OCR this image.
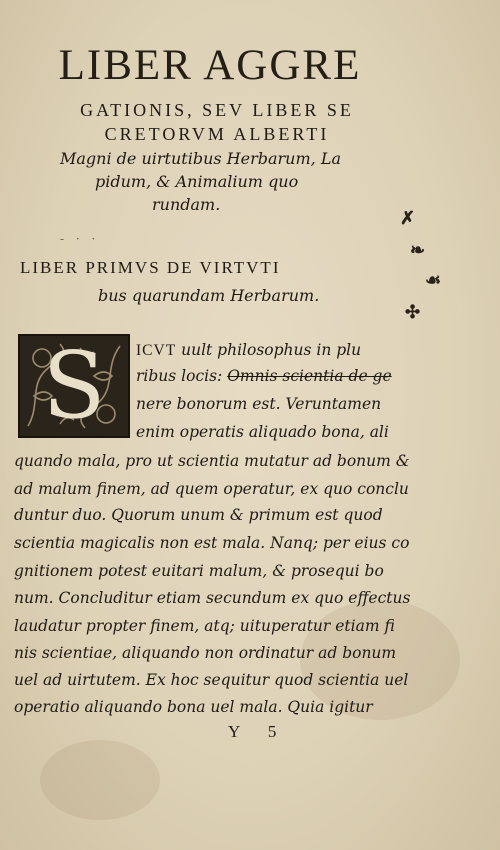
LIBER AGGRE
GATIONIS, SEV LIBER SE
CRETORVM ALBERTI
Magni de uirtutibus Herbarum, La
pidum, & Animalium quo
rundam.
- · ·
LIBER PRIMVS DE VIRTVTI
bus quarundam Herbarum.
S	ICVT uult philosophus in plu
ribus locis: Omnis scientia de ge
nere bonorum est. Veruntamen
enim operatis aliquado bona, ali
quando mala, pro ut scientia mutatur ad bonum &
ad malum finem, ad quem operatur, ex quo conclu
duntur duo. Quorum unum & primum est quod
scientia magicalis non est mala. Nanq; per eius co
gnitionem potest euitari malum, & prosequi bo
num. Concluditur etiam secundum ex quo effectus
laudatur propter finem, atq; uituperatur etiam fi
nis scientiae, aliquando non ordinatur ad bonum
uel ad uirtutem. Ex hoc sequitur quod scientia uel
operatio aliquando bona uel mala. Quia igitur
Y 5
✗
❧
☙
✣
